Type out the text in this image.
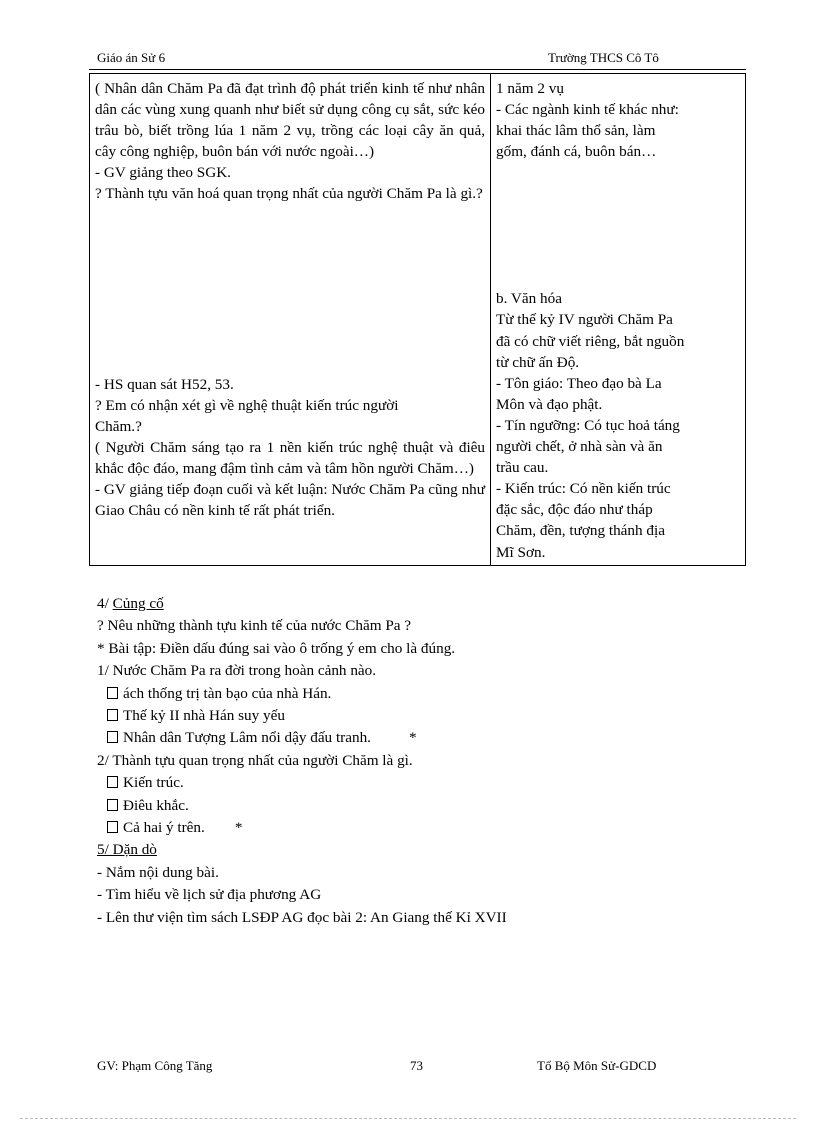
Giáo án Sử 6	Trường THCS Cô Tô
( Nhân dân Chăm Pa đã đạt trình độ phát triển kinh tế như nhân dân các vùng xung quanh như biết sử dụng công cụ sắt, sức kéo trâu bò, biết trồng lúa 1 năm 2 vụ, trồng các loại cây ăn quả, cây công nghiệp, buôn bán với nước ngoài…)
- GV giảng theo SGK.
? Thành tựu văn hoá quan trọng nhất của người Chăm Pa là gì.?
- HS quan sát H52, 53.
? Em có nhận xét gì về nghệ thuật kiến trúc người
Chăm.?
( Người Chăm sáng tạo ra 1 nền kiến trúc nghệ thuật và điêu khắc độc đáo, mang đậm tình cảm và tâm hồn người Chăm…)
- GV giảng tiếp đoạn cuối và kết luận: Nước Chăm Pa cũng như Giao Châu có nền kinh tế rất phát triển.

1 năm 2 vụ
- Các ngành kinh tế khác như:
khai thác lâm thổ sản, làm
gốm, đánh cá, buôn bán…
b. Văn hóa
Từ thế kỷ IV người Chăm Pa
đã có chữ viết riêng, bắt nguồn
từ chữ ấn Độ.
- Tôn giáo: Theo đạo bà La
Môn và đạo phật.
- Tín ngưỡng: Có tục hoả táng
người chết, ở nhà sàn và ăn
trầu cau.
- Kiến trúc: Có nền kiến trúc
đặc sắc, độc đáo như tháp
Chăm, đền, tượng thánh địa
Mĩ Sơn.
4/ Củng cố
? Nêu những thành tựu kinh tế của nước Chăm Pa ?
* Bài tập: Điền dấu đúng sai vào ô trống ý em cho là đúng.
1/ Nước Chăm Pa ra đời trong hoàn cảnh nào.
ách thống trị tàn bạo của nhà Hán.
Thế kỷ II nhà Hán suy yếu
Nhân dân Tượng Lâm nổi dậy đấu tranh.	*
2/ Thành tựu quan trọng nhất của người Chăm là gì.
Kiến trúc.
Điêu khắc.
Cả hai ý trên. *
5/ Dặn dò
- Nắm nội dung bài.
- Tìm hiểu về lịch sử địa phương AG
- Lên thư viện tìm sách LSĐP AG đọc bài 2: An Giang thế Kỉ XVII
GV: Phạm Công Tăng	73	Tổ Bộ Môn Sử-GDCD
